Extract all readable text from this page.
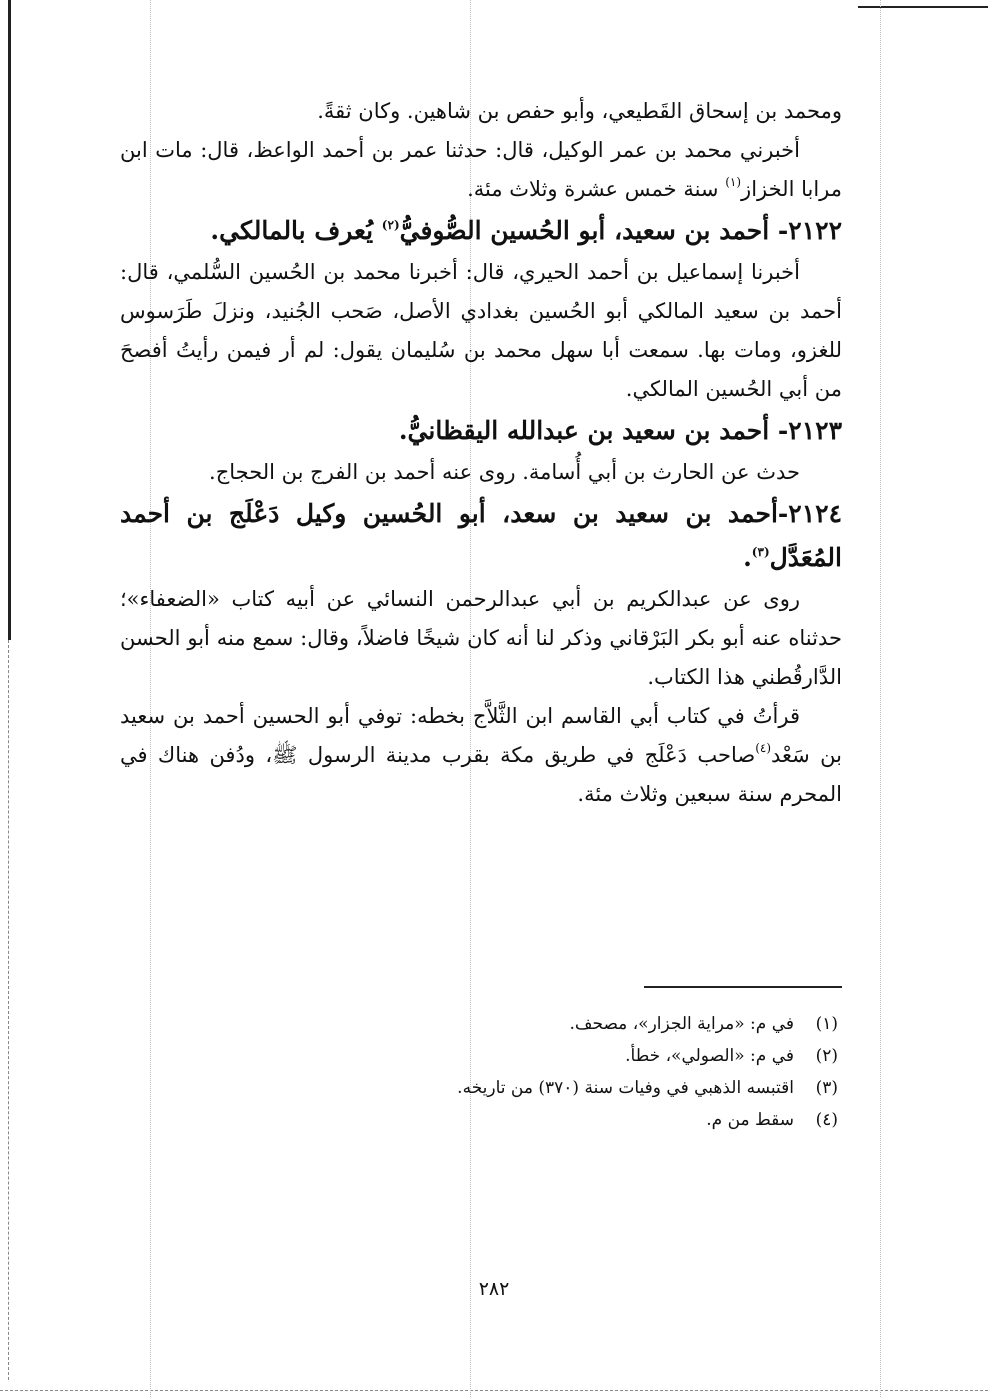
ومحمد بن إسحاق القَطيعي، وأبو حفص بن شاهين. وكان ثقةً.

أخبرني محمد بن عمر الوكيل، قال: حدثنا عمر بن أحمد الواعظ، قال: مات ابن مرابا الخزاز$^{(١)}$ سنة خمس عشرة وثلاث مئة.

٢١٢٢- أحمد بن سعيد، أبو الحُسين الصُّوفيُّ$^{(٢)}$ يُعرف بالمالكي.

أخبرنا إسماعيل بن أحمد الحيري، قال: أخبرنا محمد بن الحُسين السُّلمي، قال: أحمد بن سعيد المالكي أبو الحُسين بغدادي الأصل، صَحب الجُنيد، ونزلَ طَرَسوس للغزو، ومات بها. سمعت أبا سهل محمد بن سُليمان يقول: لم أر فيمن رأيتُ أفصحَ من أبي الحُسين المالكي.

٢١٢٣- أحمد بن سعيد بن عبدالله اليقظانيُّ.

حدث عن الحارث بن أبي أُسامة. روى عنه أحمد بن الفرج بن الحجاج.

٢١٢٤-أحمد بن سعيد بن سعد، أبو الحُسين وكيل دَعْلَج بن أحمد المُعَدَّل$^{(٣)}$.

روى عن عبدالكريم بن أبي عبدالرحمن النسائي عن أبيه كتاب «الضعفاء»؛ حدثناه عنه أبو بكر البَرْقاني وذكر لنا أنه كان شيخًا فاضلاً، وقال: سمع منه أبو الحسن الدَّارقُطني هذا الكتاب.

قرأتُ في كتاب أبي القاسم ابن الثَّلاَّج بخطه: توفي أبو الحسين أحمد بن سعيد بن سَعْد$^{(٤)}$صاحب دَعْلَج في طريق مكة بقرب مدينة الرسول ﷺ، ودُفن هناك في المحرم سنة سبعين وثلاث مئة.

(١)في م: «مراية الجزار»، مصحف.

(٢)في م: «الصولي»، خطأ.

(٣)اقتبسه الذهبي في وفيات سنة (٣٧٠) من تاريخه.

(٤)سقط من م.

٢٨٢
